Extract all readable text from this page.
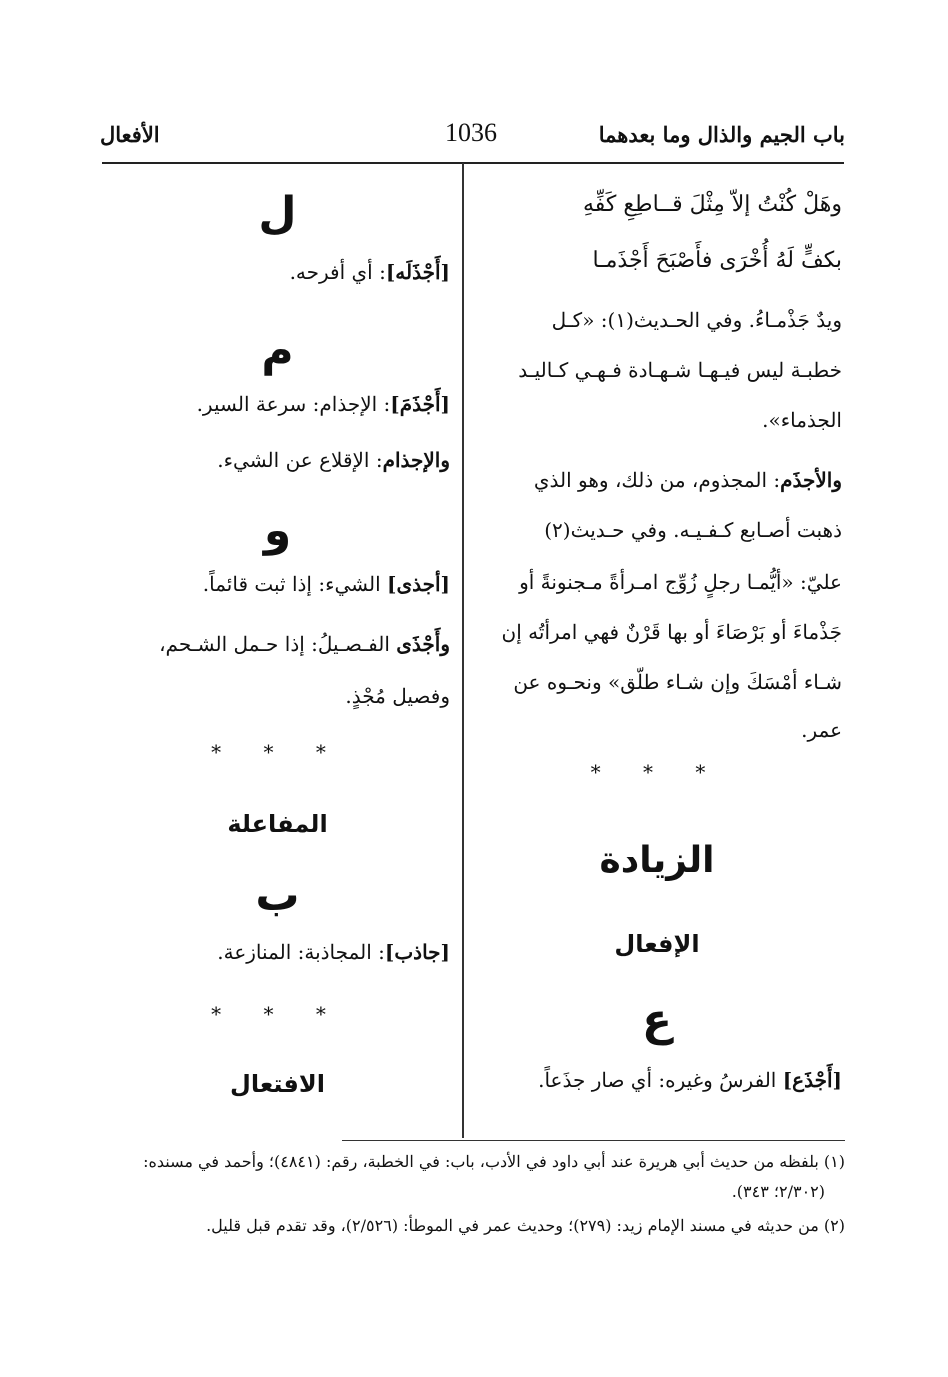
باب الجيم والذال وما بعدهما
1036
الأفعال
وهَلْ كُنْتُ إلاّ مِثْلَ قــاطِعِ كَفِّهِ
بكفٍّ لَهُ أُخْرَى فأَصْبَحَ أَجْذَمـا
ويدٌ جَذْمـاءُ. وفي الحـديث(١): «كـل
خطبـة ليس فيـهـا شـهـادة فـهـي كـاليـد
الجذماء».
والأجذَم: المجذوم، من ذلك، وهو الذي
ذهبت أصـابع كـفـيـه. وفي حـديث(٢)
عليّ: «أيُّمـا رجلٍ زُوِّج امـرأةً مـجنونةً أو
جَذْماءَ أو بَرْصَاءَ أو بها قَرْنٌ فهي امرأتُه إن
شـاء أمْسَكَ وإن شـاء طلّق» ونحـوه عن
عمر.
* * *
الزيادة
الإفعال
ع
[أَجْذَع] الفرسُ وغيره: أي صار جذَعاً.
ل
[أَجْذَلَه]: أي أفرحه.
م
[أَجْذَمَ]: الإجذام: سرعة السير.
والإجذام: الإقلاع عن الشيء.
و
[أجذى] الشيء: إذا ثبت قائماً.
وأَجْذَى الفـصـيلُ: إذا حـمل الشـحم،
وفصيل مُجْذٍ.
* * *
المفاعلة
ب
[جاذب]: المجاذبة: المنازعة.
* * *
الافتعال
(١) بلفظه من حديث أبي هريرة عند أبي داود في الأدب، باب: في الخطبة، رقم: (٤٨٤١)؛ وأحمد في مسنده:
(٢/٣٠٢؛ ٣٤٣).
(٢) من حديثه في مسند الإمام زيد: (٢٧٩)؛ وحديث عمر في الموطأ: (٢/٥٢٦)، وقد تقدم قبل قليل.
